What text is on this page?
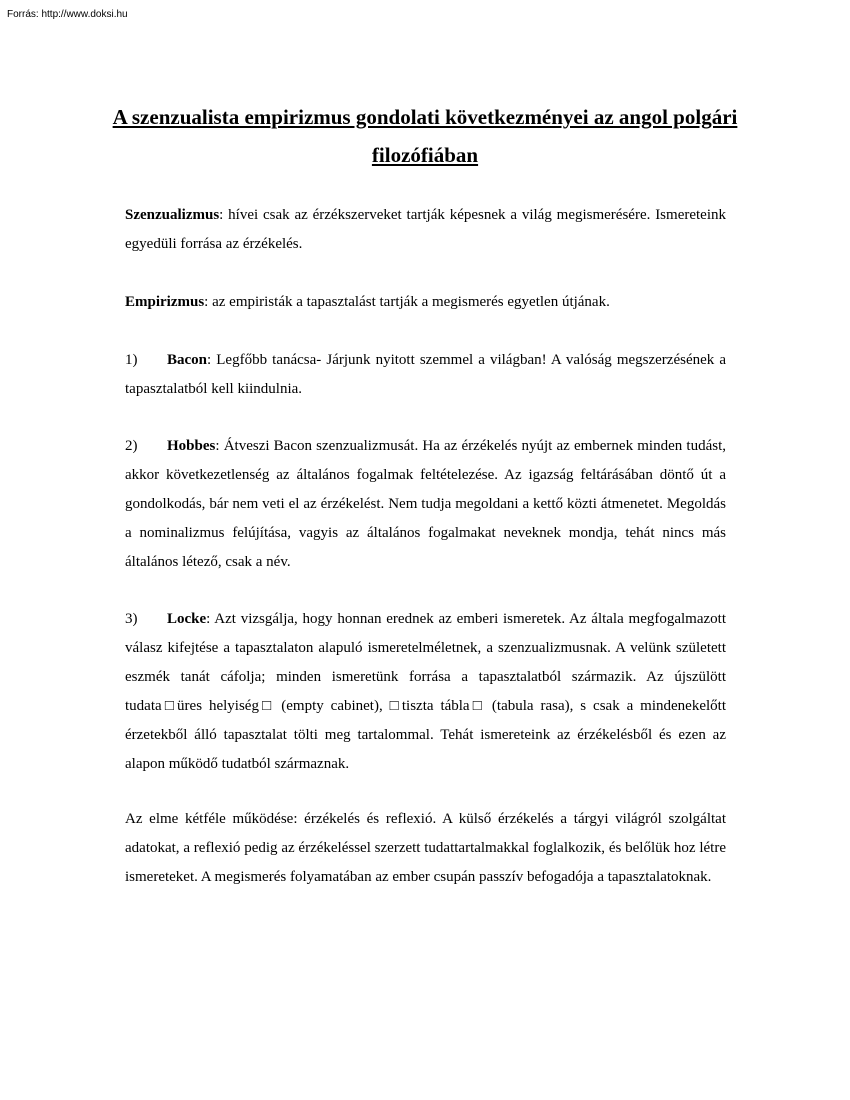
Forrás: http://www.doksi.hu
A szenzualista empirizmus gondolati következményei az angol polgári filozófiában

Szenzualizmus: hívei csak az érzékszerveket tartják képesnek a világ megismerésére. Ismereteink egyedüli forrása az érzékelés.

Empirizmus: az empiristák a tapasztalást tartják a megismerés egyetlen útjának.

1) Bacon: Legfőbb tanácsa- Járjunk nyitott szemmel a világban! A valóság megszerzésének a tapasztalatból kell kiindulnia.

2) Hobbes: Átveszi Bacon szenzualizmusát. Ha az érzékelés nyújt az embernek minden tudást, akkor következetlenség az általános fogalmak feltételezése. Az igazság feltárásában döntő út a gondolkodás, bár nem veti el az érzékelést. Nem tudja megoldani a kettő közti átmenetet. Megoldás a nominalizmus felújítása, vagyis az általános fogalmakat neveknek mondja, tehát nincs más általános létező, csak a név.

3) Locke: Azt vizsgálja, hogy honnan erednek az emberi ismeretek. Az általa megfogalmazott válasz kifejtése a tapasztalaton alapuló ismeretelméletnek, a szenzualizmusnak. A velünk született eszmék tanát cáfolja; minden ismeretünk forrása a tapasztalatból származik. Az újszülött tudata□üres helyiség□ (empty cabinet), □tiszta tábla□ (tabula rasa), s csak a mindenekelőtt érzetekből álló tapasztalat tölti meg tartalommal. Tehát ismereteink az érzékelésből és ezen az alapon működő tudatból származnak.

Az elme kétféle működése: érzékelés és reflexió. A külső érzékelés a tárgyi világról szolgáltat adatokat, a reflexió pedig az érzékeléssel szerzett tudattartalmakkal foglalkozik, és belőlük hoz létre ismereteket. A megismerés folyamatában az ember csupán passzív befogadója a tapasztalatoknak.
